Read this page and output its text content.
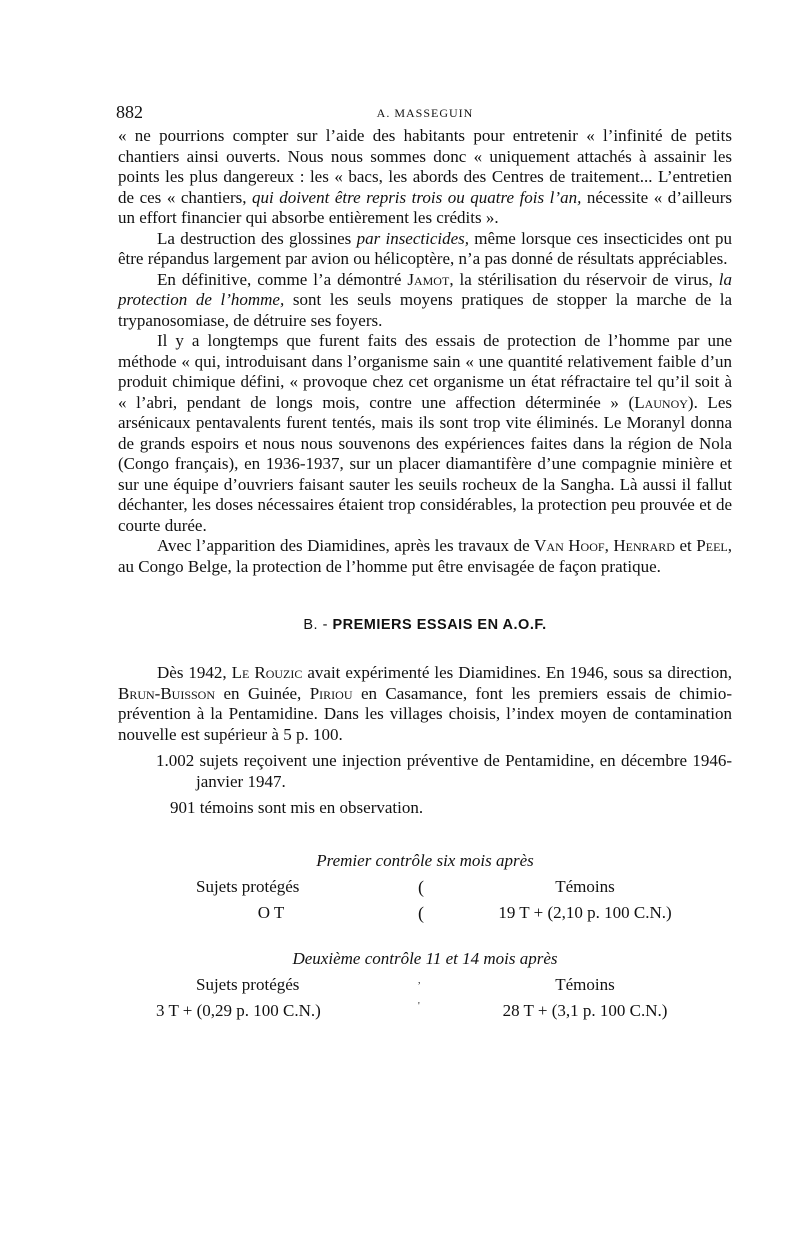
882	A. MASSEGUIN

« ne pourrions compter sur l’aide des habitants pour entretenir « l’infinité de petits chantiers ainsi ouverts. Nous nous sommes donc « uniquement attachés à assainir les points les plus dangereux : les « bacs, les abords des Centres de traitement... L’entretien de ces « chantiers, qui doivent être repris trois ou quatre fois l’an, nécessite « d’ailleurs un effort financier qui absorbe entièrement les crédits ».

La destruction des glossines par insecticides, même lorsque ces insecticides ont pu être répandus largement par avion ou hélicoptère, n’a pas donné de résultats appréciables.

En définitive, comme l’a démontré Jamot, la stérilisation du réservoir de virus, la protection de l’homme, sont les seuls moyens pratiques de stopper la marche de la trypanosomiase, de détruire ses foyers.

Il y a longtemps que furent faits des essais de protection de l’homme par une méthode « qui, introduisant dans l’organisme sain « une quantité relativement faible d’un produit chimique défini, « provoque chez cet organisme un état réfractaire tel qu’il soit à « l’abri, pendant de longs mois, contre une affection déterminée » (Launoy). Les arsénicaux pentavalents furent tentés, mais ils sont trop vite éliminés. Le Moranyl donna de grands espoirs et nous nous souvenons des expériences faites dans la région de Nola (Congo français), en 1936-1937, sur un placer diamantifère d’une compagnie minière et sur une équipe d’ouvriers faisant sauter les seuils rocheux de la Sangha. Là aussi il fallut déchanter, les doses nécessaires étaient trop considérables, la protection peu prouvée et de courte durée.

Avec l’apparition des Diamidines, après les travaux de Van Hoof, Henrard et Peel, au Congo Belge, la protection de l’homme put être envisagée de façon pratique.

B. - PREMIERS ESSAIS EN A.O.F.

Dès 1942, Le Rouzic avait expérimenté les Diamidines. En 1946, sous sa direction, Brun-Buisson en Guinée, Piriou en Casamance, font les premiers essais de chimio-prévention à la Pentamidine. Dans les villages choisis, l’index moyen de contamination nouvelle est supérieur à 5 p. 100.

1.002 sujets reçoivent une injection préventive de Pentamidine, en décembre 1946-janvier 1947.

901 témoins sont mis en observation.

Premier contrôle six mois après
Sujets protégés	(	Témoins
O T	(	19 T + (2,10 p. 100 C.N.)
Deuxième contrôle 11 et 14 mois après
Sujets protégés	,	Témoins
3 T + (0,29 p. 100 C.N.)	'	28 T + (3,1 p. 100 C.N.)
